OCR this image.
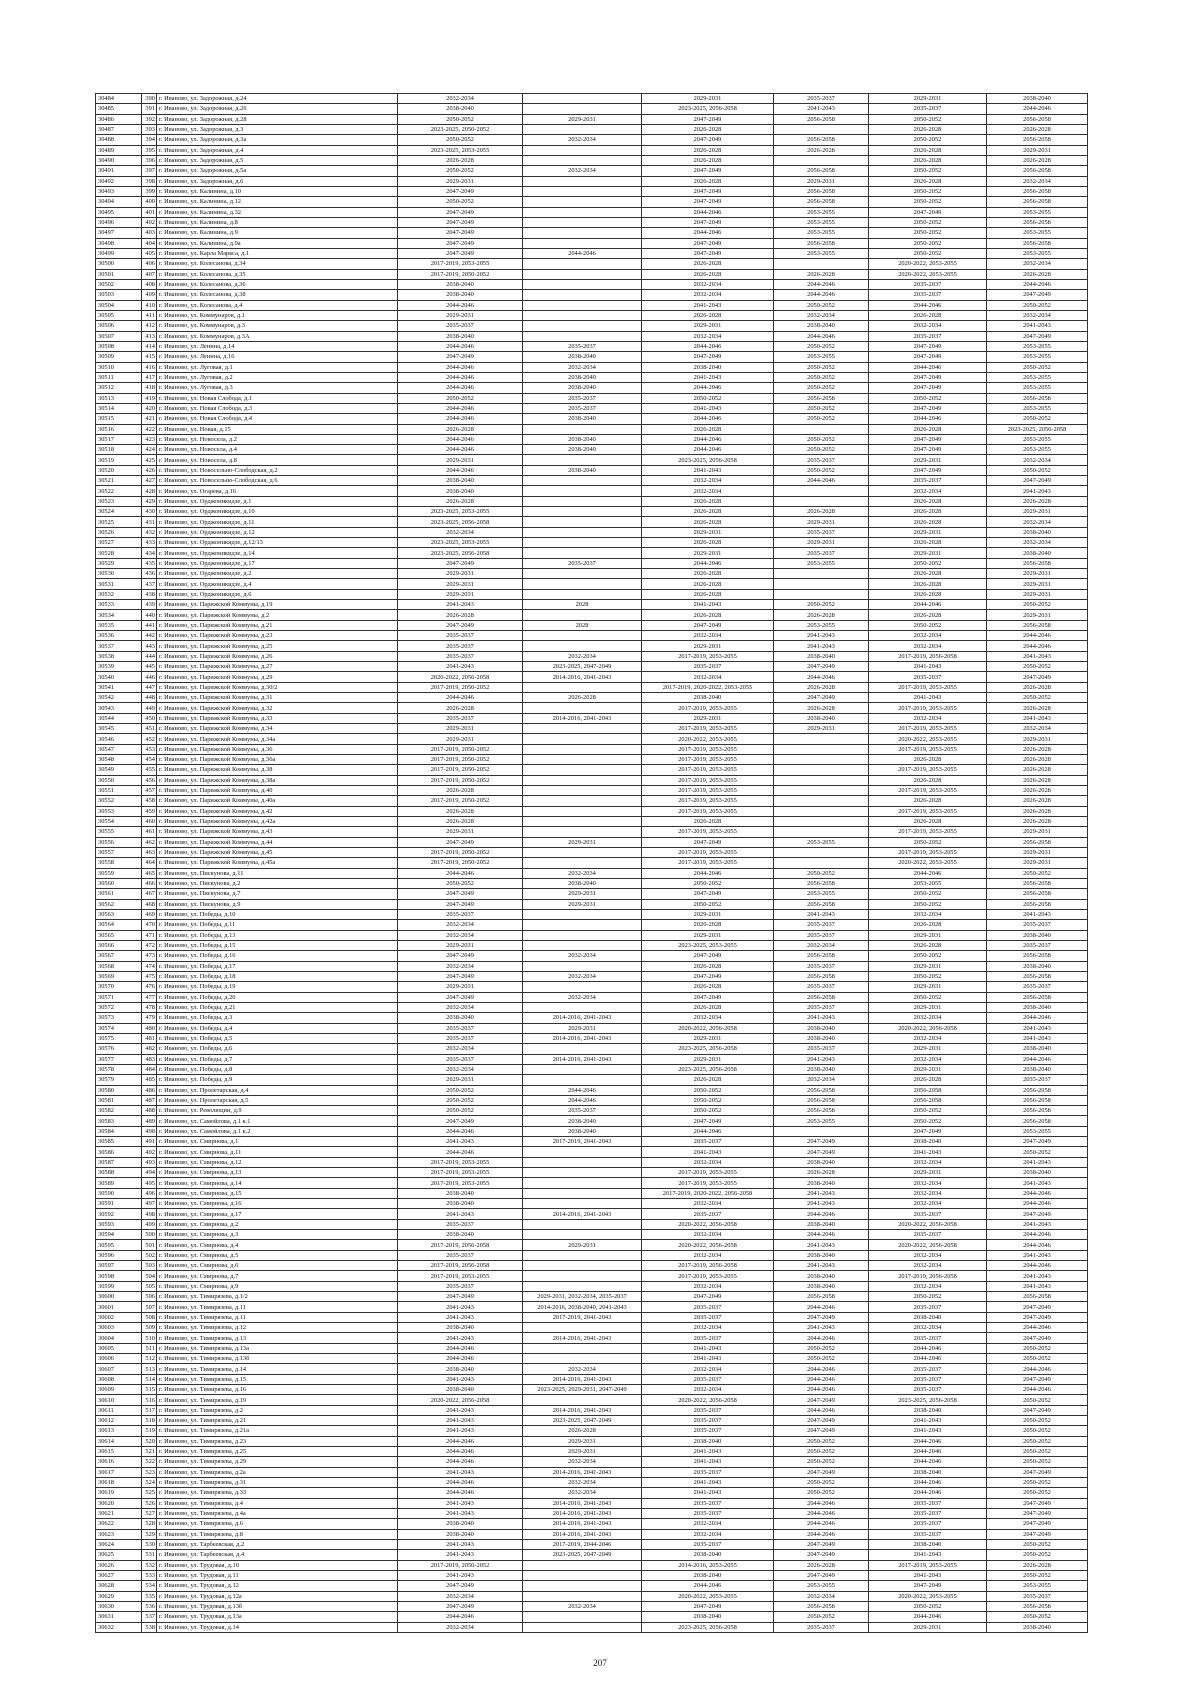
30484	390	г. Иваново, ул. Задорожная, д.24	2032-2034		2029-2031	2035-2037	2029-2031	2038-2040
30485	391	г. Иваново, ул. Задорожная, д.26	2038-2040		2023-2025, 2056-2058	2041-2043	2035-2037	2044-2046
30486	392	г. Иваново, ул. Задорожная, д.28	2050-2052	2029-2031	2047-2049	2056-2058	2050-2052	2056-2058
30487	393	г. Иваново, ул. Задорожная, д.3	2023-2025, 2050-2052		2026-2028		2026-2028	2026-2028
30488	394	г. Иваново, ул. Задорожная, д.3а	2050-2052	2032-2034	2047-2049	2056-2058	2050-2052	2056-2058
30489	395	г. Иваново, ул. Задорожная, д.4	2023-2025, 2053-2055		2026-2028	2026-2028	2026-2028	2029-2031
30490	396	г. Иваново, ул. Задорожная, д.5	2026-2028		2026-2028		2026-2028	2026-2028
30491	397	г. Иваново, ул. Задорожная, д.5а	2050-2052	2032-2034	2047-2049	2056-2058	2050-2052	2056-2058
30492	398	г. Иваново, ул. Задорожная, д.6	2029-2031		2026-2028	2029-2031	2026-2028	2032-2034
30493	399	г. Иваново, ул. Калинина, д.10	2047-2049		2047-2049	2056-2058	2050-2052	2056-2058
30494	400	г. Иваново, ул. Калинина, д.12	2050-2052		2047-2049	2056-2058	2050-2052	2056-2058
30495	401	г. Иваново, ул. Калинина, д.32	2047-2049		2044-2046	2053-2055	2047-2049	2053-2055
30496	402	г. Иваново, ул. Калинина, д.8	2047-2049		2047-2049	2053-2055	2050-2052	2056-2058
30497	403	г. Иваново, ул. Калинина, д.9	2047-2049		2044-2046	2053-2055	2050-2052	2053-2055
30498	404	г. Иваново, ул. Калинина, д.9а	2047-2049		2047-2049	2056-2058	2050-2052	2056-2058
30499	405	г. Иваново, ул. Карла Маркса, д.1	2047-2049	2044-2046	2047-2049	2053-2055	2050-2052	2053-2055
30500	406	г. Иваново, ул. Колесанова, д.34	2017-2019, 2053-2055		2026-2028		2020-2022, 2053-2055	2032-2034
30501	407	г. Иваново, ул. Колесанова, д.35	2017-2019, 2050-2052		2026-2028	2026-2028	2020-2022, 2053-2055	2026-2028
30502	408	г. Иваново, ул. Колесанова, д.36	2038-2040		2032-2034	2044-2046	2035-2037	2044-2046
30503	409	г. Иваново, ул. Колесанова, д.38	2038-2040		2032-2034	2044-2046	2035-2037	2047-2049
30504	410	г. Иваново, ул. Колесанова, д.4	2044-2046		2041-2043	2050-2052	2044-2046	2050-2052
30505	411	г. Иваново, ул. Коммунаров, д.1	2029-2031		2026-2028	2032-2034	2026-2028	2032-2034
30506	412	г. Иваново, ул. Коммунаров, д.3	2035-2037		2029-2031	2038-2040	2032-2034	2041-2043
30507	413	г. Иваново, ул. Коммунаров, д.3А	2038-2040		2032-2034	2044-2046	2035-2037	2047-2049
30508	414	г. Иваново, ул. Ленина, д.14	2044-2046	2035-2037	2044-2046	2050-2052	2047-2049	2053-2055
30509	415	г. Иваново, ул. Ленина, д.16	2047-2049	2038-2040	2047-2049	2053-2055	2047-2049	2053-2055
30510	416	г. Иваново, ул. Луговая, д.1	2044-2046	2032-2034	2038-2040	2050-2052	2044-2046	2050-2052
30511	417	г. Иваново, ул. Луговая, д.2	2044-2046	2038-2040	2041-2043	2050-2052	2047-2049	2053-2055
30512	418	г. Иваново, ул. Луговая, д.3	2044-2046	2038-2040	2044-2046	2050-2052	2047-2049	2053-2055
30513	419	г. Иваново, ул. Новая Слобода, д.1	2050-2052	2035-2037	2050-2052	2056-2058	2050-2052	2056-2058
30514	420	г. Иваново, ул. Новая Слобода, д.3	2044-2046	2035-2037	2041-2043	2050-2052	2047-2049	2053-2055
30515	421	г. Иваново, ул. Новая Слобода, д.4	2044-2046	2038-2040	2044-2046	2050-2052	2044-2046	2050-2052
30516	422	г. Иваново, ул. Новая, д.15	2026-2028		2026-2028		2026-2028	2023-2025, 2056-2058
30517	423	г. Иваново, ул. Новосела, д.2	2044-2046	2038-2040	2044-2046	2050-2052	2047-2049	2053-2055
30518	424	г. Иваново, ул. Новосела, д.4	2044-2046	2038-2040	2044-2046	2050-2052	2047-2049	2053-2055
30519	425	г. Иваново, ул. Новосела, д.8	2029-2031		2023-2025, 2056-2058	2035-2037	2029-2031	2032-2034
30520	426	г. Иваново, ул. Новосельно-Слободская, д.2	2044-2046	2038-2040	2041-2043	2050-2052	2047-2049	2050-2052
30521	427	г. Иваново, ул. Новосельно-Слободская, д.6	2038-2040		2032-2034	2044-2046	2035-2037	2047-2049
30522	428	г. Иваново, ул. Огарева, д.16	2038-2040		2032-2034		2032-2034	2041-2043
30523	429	г. Иваново, ул. Орджоникидзе, д.1	2026-2028		2026-2028		2026-2028	2026-2028
30524	430	г. Иваново, ул. Орджоникидзе, д.10	2023-2025, 2053-2055		2026-2028	2026-2028	2026-2028	2029-2031
30525	431	г. Иваново, ул. Орджоникидзе, д.11	2023-2025, 2056-2058		2026-2028	2029-2031	2026-2028	2032-2034
30526	432	г. Иваново, ул. Орджоникидзе, д.12	2032-2034		2029-2031	2035-2037	2029-2031	2038-2040
30527	433	г. Иваново, ул. Орджоникидзе, д.12/13	2023-2025, 2053-2055		2026-2028	2029-2031	2026-2028	2032-2034
30528	434	г. Иваново, ул. Орджоникидзе, д.14	2023-2025, 2056-2058		2029-2031	2035-2037	2029-2031	2038-2040
30529	435	г. Иваново, ул. Орджоникидзе, д.17	2047-2049	2035-2037	2044-2046	2053-2055	2050-2052	2056-2058
30530	436	г. Иваново, ул. Орджоникидзе, д.2	2029-2031		2026-2028		2026-2028	2029-2031
30531	437	г. Иваново, ул. Орджоникидзе, д.4	2029-2031		2026-2028		2026-2028	2029-2031
30532	438	г. Иваново, ул. Орджоникидзе, д.6	2029-2031		2026-2028		2026-2028	2029-2031
30533	439	г. Иваново, ул. Парижской Коммуны, д.19	2041-2043	2028	2041-2043	2050-2052	2044-2046	2050-2052
30534	440	г. Иваново, ул. Парижской Коммуны, д.2	2026-2028		2026-2028	2026-2028	2026-2028	2029-2031
30535	441	г. Иваново, ул. Парижской Коммуны, д.21	2047-2049	2028	2047-2049	2053-2055	2050-2052	2056-2058
30536	442	г. Иваново, ул. Парижской Коммуны, д.23	2035-2037		2032-2034	2041-2043	2032-2034	2044-2046
30537	443	г. Иваново, ул. Парижской Коммуны, д.25	2035-2037		2029-2031	2041-2043	2032-2034	2044-2046
30538	444	г. Иваново, ул. Парижской Коммуны, д.26	2035-2037	2032-2034	2017-2019, 2053-2055	2038-2040	2017-2019, 2056-2058	2041-2043
30539	445	г. Иваново, ул. Парижской Коммуны, д.27	2041-2043	2023-2025, 2047-2049	2035-2037	2047-2049	2041-2043	2050-2052
30540	446	г. Иваново, ул. Парижской Коммуны, д.29	2020-2022, 2056-2058	2014-2016, 2041-2043	2032-2034	2044-2046	2035-2037	2047-2049
30541	447	г. Иваново, ул. Парижской Коммуны, д.30/2	2017-2019, 2050-2052		2017-2019, 2020-2022, 2053-2055	2026-2028	2017-2019, 2053-2055	2026-2028
30542	448	г. Иваново, ул. Парижской Коммуны, д.31	2044-2046	2026-2028	2038-2040	2047-2049	2041-2043	2050-2052
30543	449	г. Иваново, ул. Парижской Коммуны, д.32	2026-2028		2017-2019, 2053-2055	2026-2028	2017-2019, 2053-2055	2026-2028
30544	450	г. Иваново, ул. Парижской Коммуны, д.33	2035-2037	2014-2016, 2041-2043	2029-2031	2038-2040	2032-2034	2041-2043
30545	451	г. Иваново, ул. Парижской Коммуны, д.34	2029-2031		2017-2019, 2053-2055	2029-2031	2017-2019, 2053-2055	2032-2034
30546	452	г. Иваново, ул. Парижской Коммуны, д.34а	2029-2031		2020-2022, 2053-2055		2020-2022, 2053-2055	2029-2031
30547	453	г. Иваново, ул. Парижской Коммуны, д.36	2017-2019, 2050-2052		2017-2019, 2053-2055		2017-2019, 2053-2055	2026-2028
30548	454	г. Иваново, ул. Парижской Коммуны, д.36а	2017-2019, 2050-2052		2017-2019, 2053-2055		2026-2028	2026-2028
30549	455	г. Иваново, ул. Парижской Коммуны, д.38	2017-2019, 2050-2052		2017-2019, 2053-2055		2017-2019, 2053-2055	2026-2028
30550	456	г. Иваново, ул. Парижской Коммуны, д.38а	2017-2019, 2050-2052		2017-2019, 2053-2055		2026-2028	2026-2028
30551	457	г. Иваново, ул. Парижской Коммуны, д.40	2026-2028		2017-2019, 2053-2055		2017-2019, 2053-2055	2026-2028
30552	458	г. Иваново, ул. Парижской Коммуны, д.40а	2017-2019, 2050-2052		2017-2019, 2053-2055		2026-2028	2026-2028
30553	459	г. Иваново, ул. Парижской Коммуны, д.42	2026-2028		2017-2019, 2053-2055		2017-2019, 2053-2055	2026-2028
30554	460	г. Иваново, ул. Парижской Коммуны, д.42а	2026-2028		2026-2028		2026-2028	2026-2028
30555	461	г. Иваново, ул. Парижской Коммуны, д.43	2029-2031		2017-2019, 2053-2055		2017-2019, 2053-2055	2029-2031
30556	462	г. Иваново, ул. Парижской Коммуны, д.44	2047-2049	2029-2031	2047-2049	2053-2055	2050-2052	2056-2058
30557	463	г. Иваново, ул. Парижской Коммуны, д.45	2017-2019, 2050-2052		2017-2019, 2053-2055		2017-2019, 2053-2055	2029-2031
30558	464	г. Иваново, ул. Парижской Коммуны, д.45а	2017-2019, 2050-2052		2017-2019, 2053-2055		2020-2022, 2053-2055	2029-2031
30559	465	г. Иваново, ул. Пискунова, д.11	2044-2046	2032-2034	2044-2046	2050-2052	2044-2046	2050-2052
30560	466	г. Иваново, ул. Пискунова, д.2	2050-2052	2038-2040	2050-2052	2056-2058	2053-2055	2056-2058
30561	467	г. Иваново, ул. Пискунова, д.7	2047-2049	2029-2031	2047-2049	2053-2055	2050-2052	2056-2058
30562	468	г. Иваново, ул. Пискунова, д.9	2047-2049	2029-2031	2050-2052	2056-2058	2050-2052	2056-2058
30563	469	г. Иваново, ул. Победы, д.10	2035-2037		2029-2031	2041-2043	2032-2034	2041-2043
30564	470	г. Иваново, ул. Победы, д.11	2032-2034		2026-2028	2035-2037	2026-2028	2035-2037
30565	471	г. Иваново, ул. Победы, д.13	2032-2034		2029-2031	2035-2037	2029-2031	2038-2040
30566	472	г. Иваново, ул. Победы, д.15	2029-2031		2023-2025, 2053-2055	2032-2034	2026-2028	2035-2037
30567	473	г. Иваново, ул. Победы, д.16	2047-2049	2032-2034	2047-2049	2056-2058	2050-2052	2056-2058
30568	474	г. Иваново, ул. Победы, д.17	2032-2034		2026-2028	2035-2037	2029-2031	2038-2040
30569	475	г. Иваново, ул. Победы, д.18	2047-2049	2032-2034	2047-2049	2056-2058	2050-2052	2056-2058
30570	476	г. Иваново, ул. Победы, д.19	2029-2031		2026-2028	2035-2037	2029-2031	2035-2037
30571	477	г. Иваново, ул. Победы, д.20	2047-2049	2032-2034	2047-2049	2056-2058	2050-2052	2056-2058
30572	478	г. Иваново, ул. Победы, д.21	2032-2034		2026-2028	2035-2037	2029-2031	2038-2040
30573	479	г. Иваново, ул. Победы, д.3	2038-2040	2014-2016, 2041-2043	2032-2034	2041-2043	2032-2034	2044-2046
30574	480	г. Иваново, ул. Победы, д.4	2035-2037	2029-2031	2020-2022, 2056-2058	2038-2040	2020-2022, 2056-2058	2041-2043
30575	481	г. Иваново, ул. Победы, д.5	2035-2037	2014-2016, 2041-2043	2029-2031	2038-2040	2032-2034	2041-2043
30576	482	г. Иваново, ул. Победы, д.6	2032-2034		2023-2025, 2056-2058	2035-2037	2029-2031	2038-2040
30577	483	г. Иваново, ул. Победы, д.7	2035-2037	2014-2016, 2041-2043	2029-2031	2041-2043	2032-2034	2044-2046
30578	484	г. Иваново, ул. Победы, д.8	2032-2034		2023-2025, 2056-2058	2038-2040	2029-2031	2038-2040
30579	485	г. Иваново, ул. Победы, д.9	2029-2031		2026-2028	2032-2034	2026-2028	2035-2037
30580	486	г. Иваново, ул. Пролетарская, д.4	2050-2052	2044-2046	2050-2052	2056-2058	2056-2058	2056-2058
30581	487	г. Иваново, ул. Пролетарская, д.5	2050-2052	2044-2046	2050-2052	2056-2058	2056-2058	2056-2058
30582	488	г. Иваново, ул. Революции, д.9	2050-2052	2035-2037	2050-2052	2056-2058	2050-2052	2056-2058
30583	489	г. Иваново, ул. Самойлова, д.1 к.1	2047-2049	2038-2040	2047-2049	2053-2055	2050-2052	2056-2058
30584	490	г. Иваново, ул. Самойлова, д.1 к.2	2044-2046	2038-2040	2044-2046		2047-2049	2053-2055
30585	491	г. Иваново, ул. Смирнова, д.1	2041-2043	2017-2019, 2041-2043	2035-2037	2047-2049	2038-2040	2047-2049
30586	492	г. Иваново, ул. Смирнова, д.11	2044-2046		2041-2043	2047-2049	2041-2043	2050-2052
30587	493	г. Иваново, ул. Смирнова, д.12	2017-2019, 2053-2055		2032-2034	2038-2040	2032-2034	2041-2043
30588	494	г. Иваново, ул. Смирнова, д.13	2017-2019, 2053-2055		2017-2019, 2053-2055	2026-2028	2029-2031	2038-2040
30589	495	г. Иваново, ул. Смирнова, д.14	2017-2019, 2053-2055		2017-2019, 2053-2055	2038-2040	2032-2034	2041-2043
30590	496	г. Иваново, ул. Смирнова, д.15	2038-2040		2017-2019, 2020-2022, 2056-2058	2041-2043	2032-2034	2044-2046
30591	497	г. Иваново, ул. Смирнова, д.16	2038-2040		2032-2034	2041-2043	2032-2034	2044-2046
30592	498	г. Иваново, ул. Смирнова, д.17	2041-2043	2014-2016, 2041-2043	2035-2037	2044-2046	2035-2037	2047-2049
30593	499	г. Иваново, ул. Смирнова, д.2	2035-2037		2020-2022, 2056-2058	2038-2040	2020-2022, 2056-2058	2041-2043
30594	500	г. Иваново, ул. Смирнова, д.3	2038-2040		2032-2034	2044-2046	2035-2037	2044-2046
30595	501	г. Иваново, ул. Смирнова, д.4	2017-2019, 2056-2058	2029-2031	2020-2022, 2056-2058	2041-2043	2020-2022, 2056-2058	2044-2046
30596	502	г. Иваново, ул. Смирнова, д.5	2035-2037		2032-2034	2038-2040	2032-2034	2041-2043
30597	503	г. Иваново, ул. Смирнова, д.6	2017-2019, 2056-2058		2017-2019, 2056-2058	2041-2043	2032-2034	2044-2046
30598	504	г. Иваново, ул. Смирнова, д.7	2017-2019, 2053-2055		2017-2019, 2053-2055	2038-2040	2017-2019, 2056-2058	2041-2043
30599	505	г. Иваново, ул. Смирнова, д.9	2035-2037		2032-2034	2038-2040	2032-2034	2041-2043
30600	506	г. Иваново, ул. Тимирязева, д.1/2	2047-2049	2029-2031, 2032-2034, 2035-2037	2047-2049	2056-2058	2050-2052	2056-2058
30601	507	г. Иваново, ул. Тимирязева, д.11	2041-2043	2014-2016, 2038-2040, 2041-2043	2035-2037	2044-2046	2035-2037	2047-2049
30602	508	г. Иваново, ул. Тимирязева, д.11	2041-2043	2017-2019, 2041-2043	2035-2037	2047-2049	2038-2040	2047-2049
30603	509	г. Иваново, ул. Тимирязева, д.12	2038-2040		2032-2034	2041-2043	2032-2034	2044-2046
30604	510	г. Иваново, ул. Тимирязева, д.13	2041-2043	2014-2016, 2041-2043	2035-2037	2044-2046	2035-2037	2047-2049
30605	511	г. Иваново, ул. Тимирязева, д.13а	2044-2046		2041-2043	2050-2052	2044-2046	2050-2052
30606	512	г. Иваново, ул. Тимирязева, д.13б	2044-2046		2041-2043	2050-2052	2044-2046	2050-2052
30607	513	г. Иваново, ул. Тимирязева, д.14	2038-2040	2032-2034	2032-2034	2044-2046	2035-2037	2044-2046
30608	514	г. Иваново, ул. Тимирязева, д.15	2041-2043	2014-2016, 2041-2043	2035-2037	2044-2046	2035-2037	2047-2049
30609	515	г. Иваново, ул. Тимирязева, д.16	2038-2040	2023-2025, 2029-2031, 2047-2049	2032-2034	2044-2046	2035-2037	2044-2046
30610	516	г. Иваново, ул. Тимирязева, д.19	2020-2022, 2056-2058		2020-2022, 2056-2058	2047-2049	2023-2025, 2056-2058	2050-2052
30611	517	г. Иваново, ул. Тимирязева, д.2	2041-2043	2014-2016, 2041-2043	2035-2037	2044-2046	2038-2040	2047-2049
30612	518	г. Иваново, ул. Тимирязева, д.21	2041-2043	2023-2025, 2047-2049	2035-2037	2047-2049	2041-2043	2050-2052
30613	519	г. Иваново, ул. Тимирязева, д.21а	2041-2043	2026-2028	2035-2037	2047-2049	2041-2043	2050-2052
30614	520	г. Иваново, ул. Тимирязева, д.23	2044-2046	2029-2031	2038-2040	2050-2052	2044-2046	2050-2052
30615	521	г. Иваново, ул. Тимирязева, д.25	2044-2046	2029-2031	2041-2043	2050-2052	2044-2046	2050-2052
30616	522	г. Иваново, ул. Тимирязева, д.29	2044-2046	2032-2034	2041-2043	2050-2052	2044-2046	2050-2052
30617	523	г. Иваново, ул. Тимирязева, д.2а	2041-2043	2014-2016, 2041-2043	2035-2037	2047-2049	2038-2040	2047-2049
30618	524	г. Иваново, ул. Тимирязева, д.31	2044-2046	2032-2034	2041-2043	2050-2052	2044-2046	2050-2052
30619	525	г. Иваново, ул. Тимирязева, д.33	2044-2046	2032-2034	2041-2043	2050-2052	2044-2046	2050-2052
30620	526	г. Иваново, ул. Тимирязева, д.4	2041-2043	2014-2016, 2041-2043	2035-2037	2044-2046	2035-2037	2047-2049
30621	527	г. Иваново, ул. Тимирязева, д.4а	2041-2043	2014-2016, 2041-2043	2035-2037	2044-2046	2035-2037	2047-2049
30622	528	г. Иваново, ул. Тимирязева, д.6	2038-2040	2014-2016, 2041-2043	2032-2034	2044-2046	2035-2037	2047-2049
30623	529	г. Иваново, ул. Тимирязева, д.8	2038-2040	2014-2016, 2041-2043	2032-2034	2044-2046	2035-2037	2047-2049
30624	530	г. Иваново, ул. Тарбеевская, д.2	2041-2043	2017-2019, 2044-2046	2035-2037	2047-2049	2038-2040	2050-2052
30625	531	г. Иваново, ул. Тарбеевская, д.4	2041-2043	2023-2025, 2047-2049	2038-2040	2047-2049	2041-2043	2050-2052
30626	532	г. Иваново, ул. Трудовая, д.10	2017-2019, 2050-2052		2014-2016, 2053-2055	2026-2028	2017-2019, 2053-2055	2026-2028
30627	533	г. Иваново, ул. Трудовая, д.11	2041-2043		2038-2040	2047-2049	2041-2043	2050-2052
30628	534	г. Иваново, ул. Трудовая, д.12	2047-2049		2044-2046	2053-2055	2047-2049	2053-2055
30629	535	г. Иваново, ул. Трудовая, д.12а	2032-2034		2020-2022, 2053-2055	2032-2034	2020-2022, 2053-2055	2035-2037
30630	536	г. Иваново, ул. Трудовая, д.13б	2047-2049	2032-2034	2047-2049	2056-2058	2050-2052	2056-2058
30631	537	г. Иваново, ул. Трудовая, д.13а	2044-2046		2038-2040	2050-2052	2044-2046	2050-2052
30632	538	г. Иваново, ул. Трудовая, д.14	2032-2034		2023-2025, 2056-2058	2035-2037	2029-2031	2038-2040
207
